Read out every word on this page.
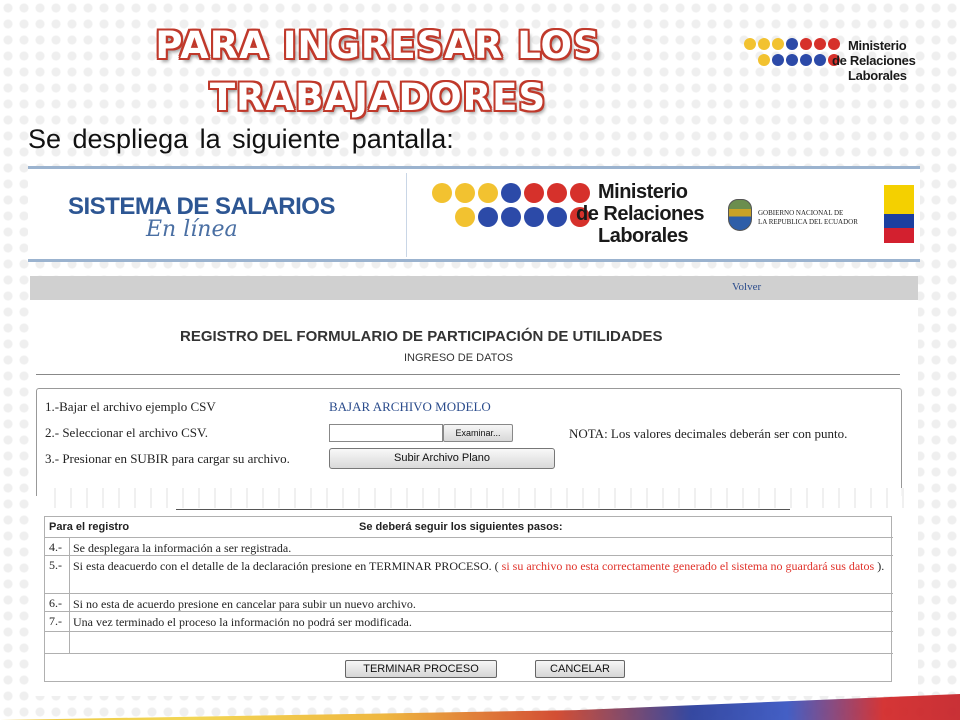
PARA INGRESAR LOS
TRABAJADORES
Ministerio
de Relaciones
Laborales
Se despliega la siguiente pantalla:
SISTEMA DE SALARIOS
En línea
Ministerio
de Relaciones
Laborales
GOBIERNO NACIONAL DE
LA REPUBLICA DEL ECUADOR
Volver
REGISTRO DEL FORMULARIO DE PARTICIPACIÓN DE UTILIDADES
INGRESO DE DATOS
1.-Bajar el archivo ejemplo CSV	BAJAR ARCHIVO MODELO
2.- Seleccionar el archivo CSV.	Examinar...	NOTA: Los valores decimales deberán ser con punto.
3.- Presionar en SUBIR para cargar su archivo.	Subir Archivo Plano
Para el registro	Se deberá seguir los siguientes pasos:
4.- Se desplegara la información a ser registrada.
5.- Si esta deacuerdo con el detalle de la declaración presione en TERMINAR PROCESO. ( si su archivo no esta correctamente generado el sistema no guardará sus datos ).
6.- Si no esta de acuerdo presione en cancelar para subir un nuevo archivo.
7.- Una vez terminado el proceso la información no podrá ser modificada.
TERMINAR PROCESO	CANCELAR
